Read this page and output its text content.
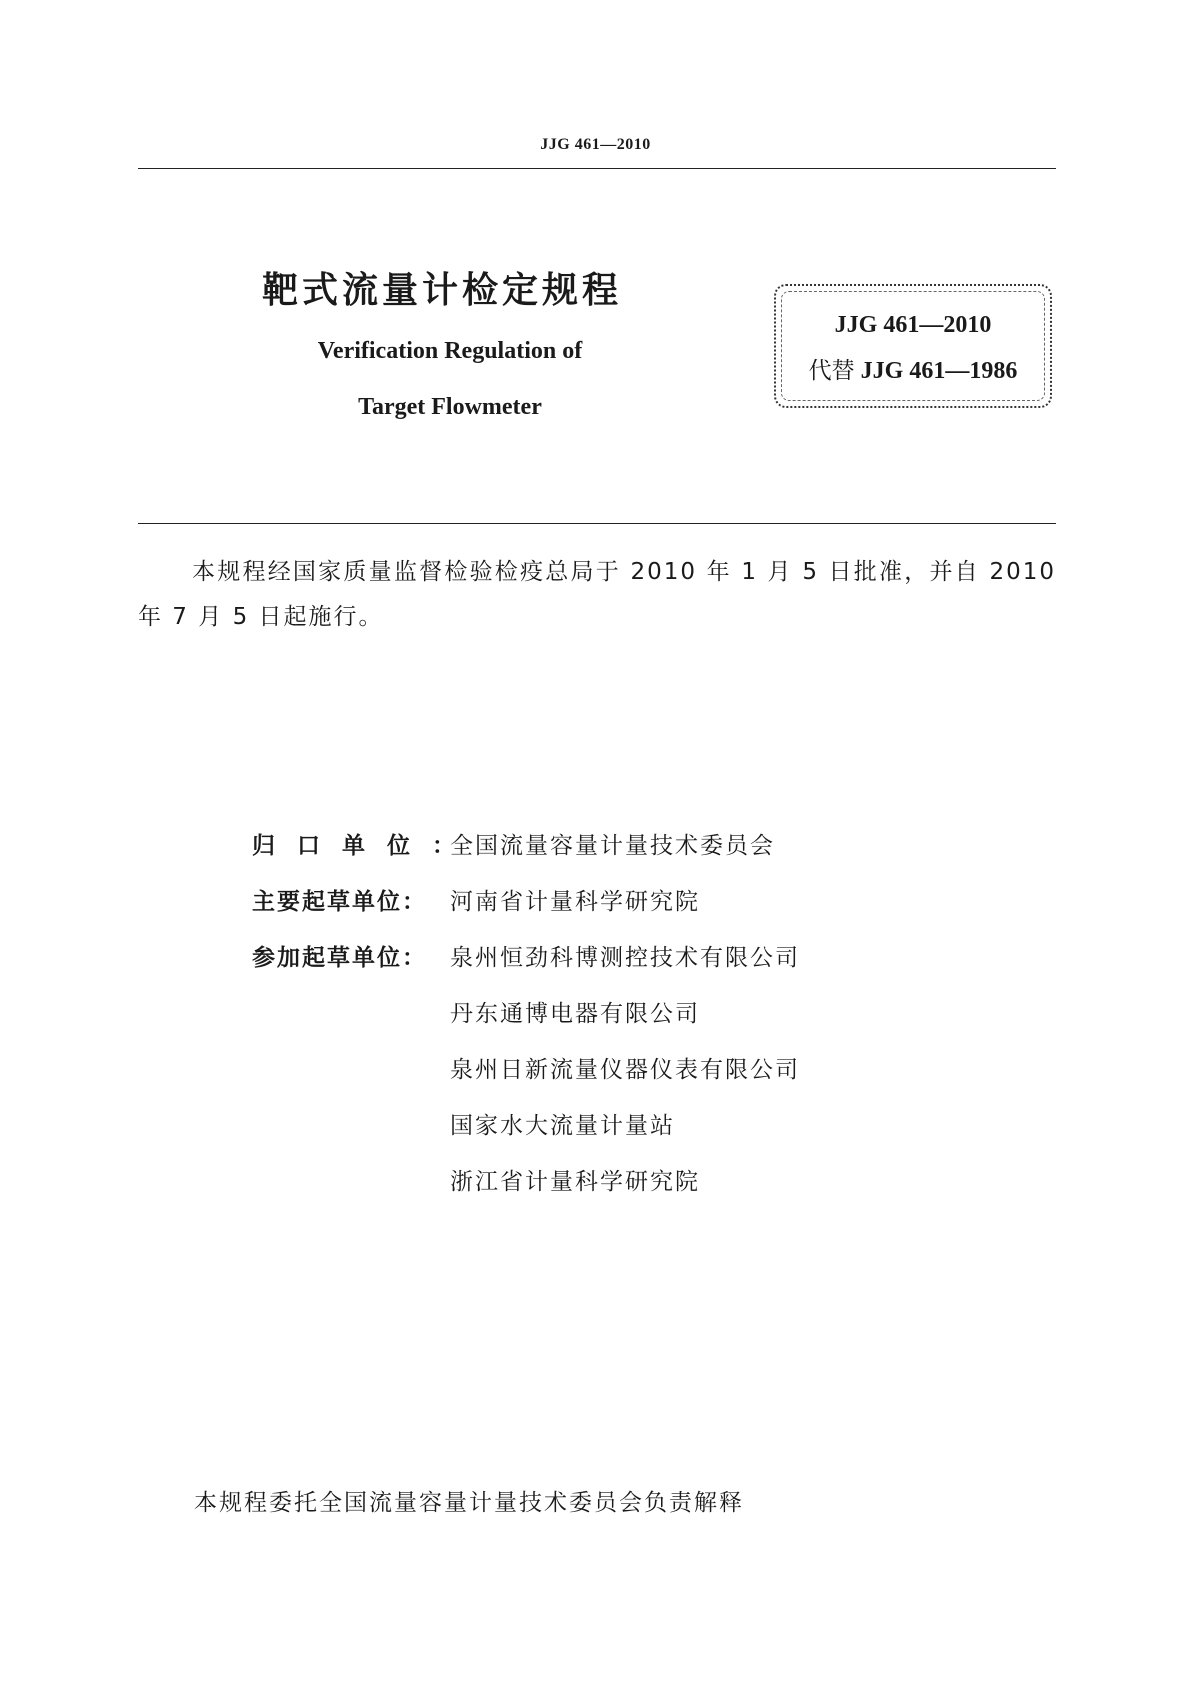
JJG 461—2010
靶式流量计检定规程
Verification Regulation of
Target Flowmeter
JJG 461—2010
代替 JJG 461—1986
本规程经国家质量监督检验检疫总局于 2010 年 1 月 5 日批准，并自 2010 年 7 月 5 日起施行。
归口单位：
全国流量容量计量技术委员会
主要起草单位：	河南省计量科学研究院
参加起草单位：	泉州恒劲科博测控技术有限公司
丹东通博电器有限公司
泉州日新流量仪器仪表有限公司
国家水大流量计量站
浙江省计量科学研究院
本规程委托全国流量容量计量技术委员会负责解释
